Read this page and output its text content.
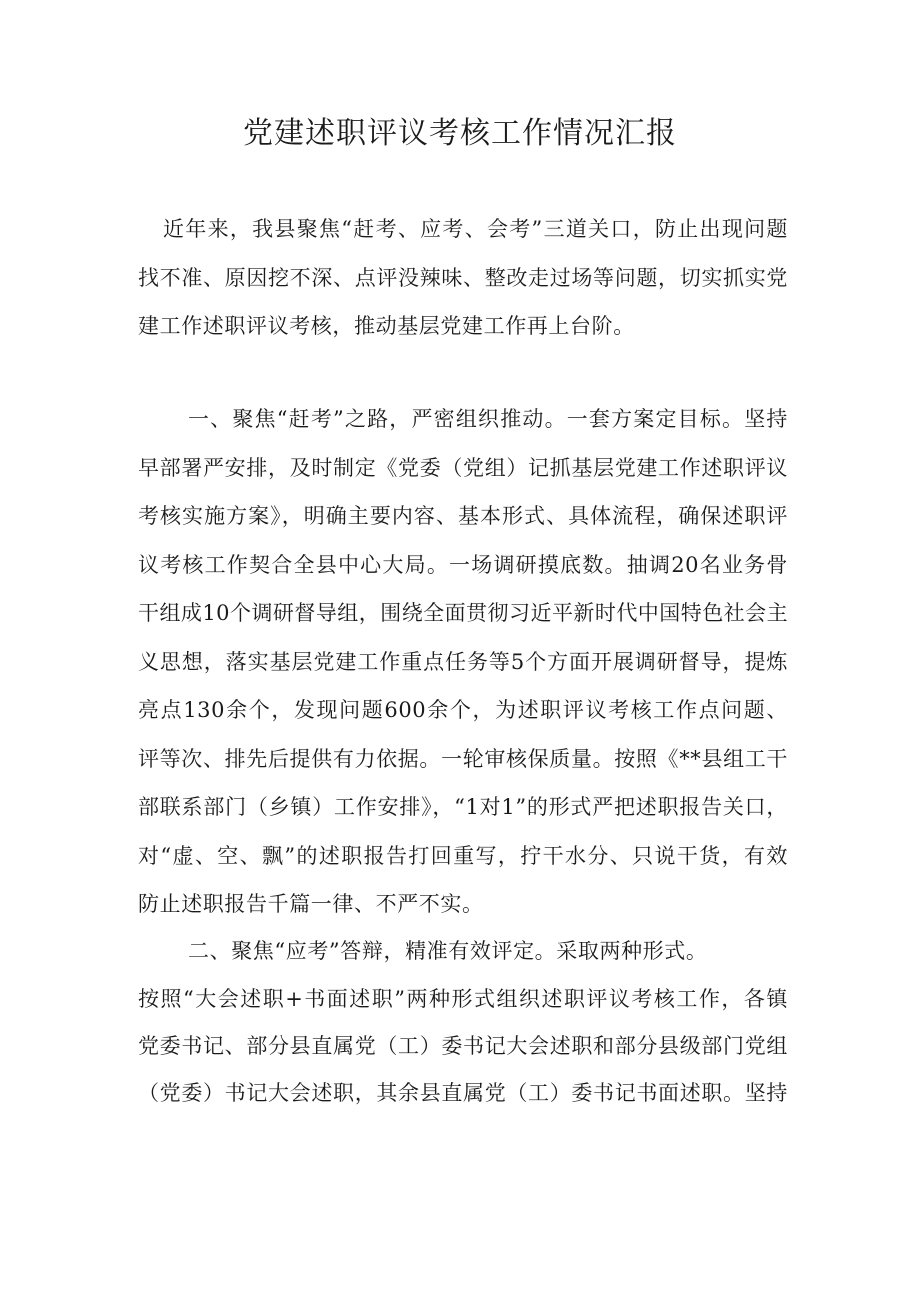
党建述职评议考核工作情况汇报
近年来，我县聚焦“赶考、应考、会考”三道关口，防止出现问题
找不准、原因挖不深、点评没辣味、整改走过场等问题，切实抓实党
建工作述职评议考核，推动基层党建工作再上台阶。
一、聚焦“赶考”之路，严密组织推动。一套方案定目标。坚持
早部署严安排，及时制定《党委（党组）记抓基层党建工作述职评议
考核实施方案》，明确主要内容、基本形式、具体流程，确保述职评
议考核工作契合全县中心大局。一场调研摸底数。抽调20名业务骨
干组成10个调研督导组，围绕全面贯彻习近平新时代中国特色社会主
义思想，落实基层党建工作重点任务等5个方面开展调研督导，提炼
亮点130余个，发现问题600余个，为述职评议考核工作点问题、
评等次、排先后提供有力依据。一轮审核保质量。按照《**县组工干
部联系部门（乡镇）工作安排》，“1对1”的形式严把述职报告关口，
对“虚、空、飘”的述职报告打回重写，拧干水分、只说干货，有效
防止述职报告千篇一律、不严不实。
二、聚焦“应考”答辩，精准有效评定。采取两种形式。
按照“大会述职+书面述职”两种形式组织述职评议考核工作，各镇
党委书记、部分县直属党（工）委书记大会述职和部分县级部门党组
（党委）书记大会述职，其余县直属党（工）委书记书面述职。坚持
